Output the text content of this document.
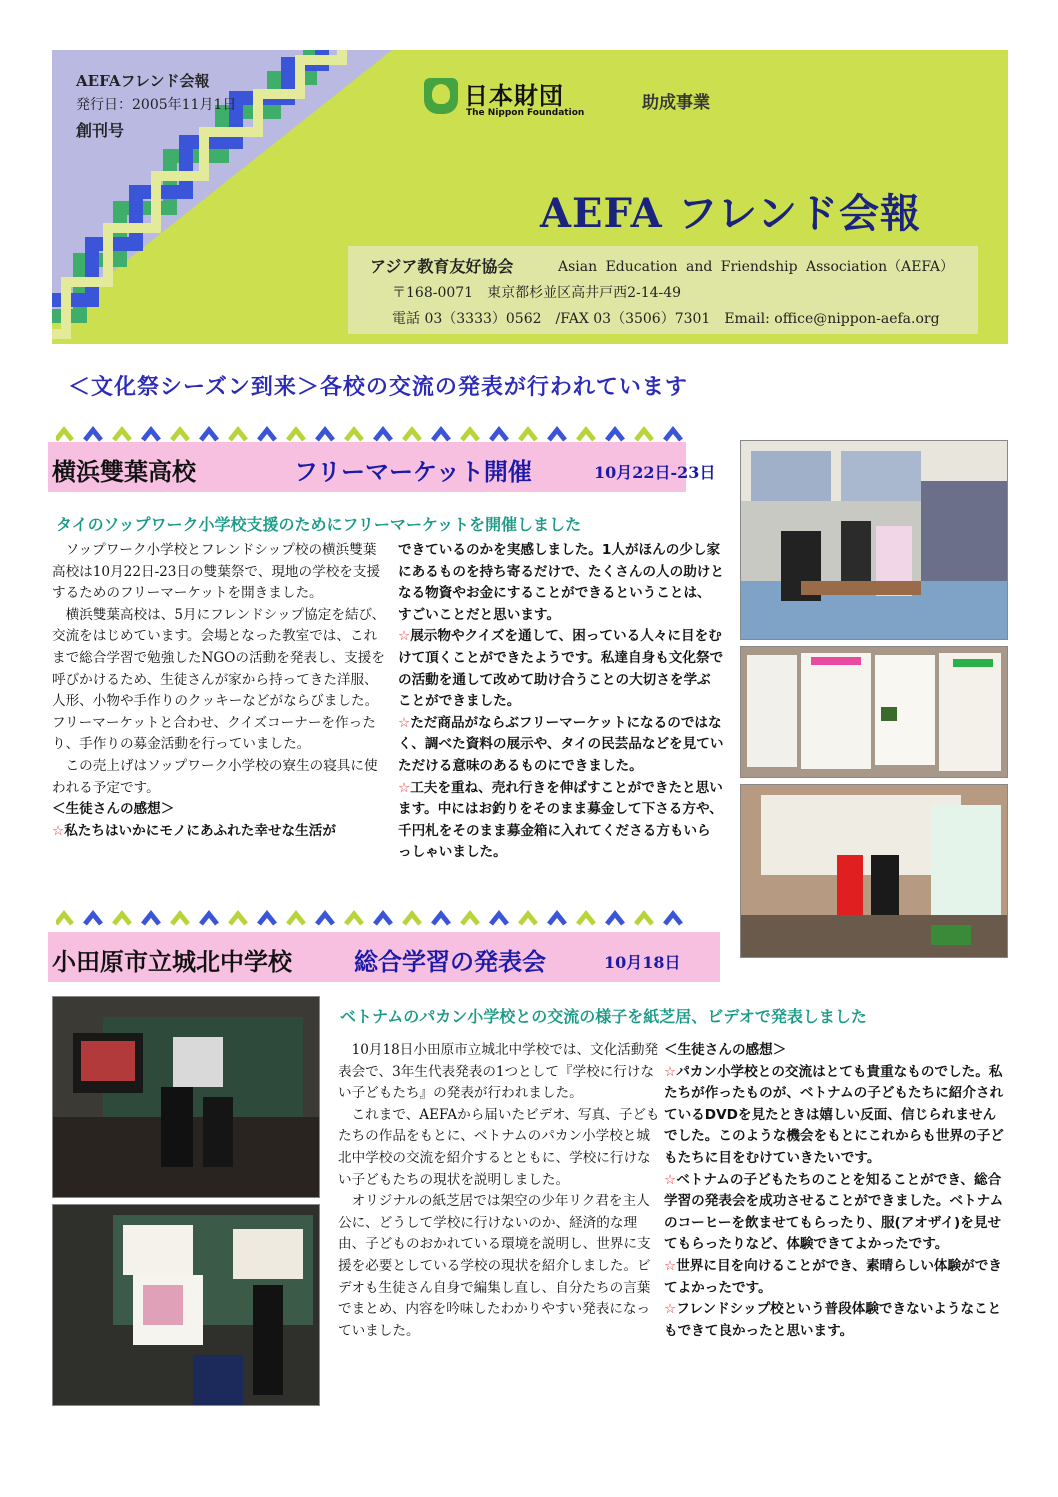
AEFAフレンド会報
発行日：2005年11月1日
創刊号
日本財団
The Nippon Foundation	助成事業
AEFA フレンド会報
アジア教育友好協会	Asian Education and Friendship Association（AEFA）
〒168-0071　東京都杉並区高井戸西2-14-49
電話 03（3333）0562　/FAX 03（3506）7301　Email: office@nippon-aefa.org
＜文化祭シーズン到来＞各校の交流の発表が行われています
横浜雙葉高校	フリーマーケット開催	10月22日-23日
タイのソップワーク小学校支援のためにフリーマーケットを開催しました

ソップワーク小学校とフレンドシップ校の横浜雙葉高校は10月22日-23日の雙葉祭で、現地の学校を支援するためのフリーマーケットを開きました。

横浜雙葉高校は、5月にフレンドシップ協定を結び、交流をはじめています。会場となった教室では、これまで総合学習で勉強したNGOの活動を発表し、支援を呼びかけるため、生徒さんが家から持ってきた洋服、人形、小物や手作りのクッキーなどがならびました。フリーマーケットと合わせ、クイズコーナーを作ったり、手作りの募金活動を行っていました。

この売上げはソップワーク小学校の寮生の寝具に使われる予定です。

＜生徒さんの感想＞
☆私たちはいかにモノにあふれた幸せな生活が

できているのかを実感しました。1人がほんの少し家にあるものを持ち寄るだけで、たくさんの人の助けとなる物資やお金にすることができるということは、すごいことだと思います。

☆展示物やクイズを通して、困っている人々に目をむけて頂くことができたようです。私達自身も文化祭での活動を通して改めて助け合うことの大切さを学ぶことができました。

☆ただ商品がならぶフリーマーケットになるのではなく、調べた資料の展示や、タイの民芸品などを見ていただける意味のあるものにできました。

☆工夫を重ね、売れ行きを伸ばすことができたと思います。中にはお釣りをそのまま募金して下さる方や、千円札をそのまま募金箱に入れてくださる方もいらっしゃいました。

小田原市立城北中学校	総合学習の発表会	10月18日
ベトナムのパカン小学校との交流の様子を紙芝居、ビデオで発表しました

10月18日小田原市立城北中学校では、文化活動発表会で、3年生代表発表の1つとして『学校に行けない子どもたち』の発表が行われました。

これまで、AEFAから届いたビデオ、写真、子どもたちの作品をもとに、ベトナムのパカン小学校と城北中学校の交流を紹介するとともに、学校に行けない子どもたちの現状を説明しました。

オリジナルの紙芝居では架空の少年リク君を主人公に、どうして学校に行けないのか、経済的な理由、子どものおかれている環境を説明し、世界に支援を必要としている学校の現状を紹介しました。ビデオも生徒さん自身で編集し直し、自分たちの言葉でまとめ、内容を吟味したわかりやすい発表になっていました。

＜生徒さんの感想＞

☆パカン小学校との交流はとても貴重なものでした。私たちが作ったものが、ベトナムの子どもたちに紹介されているDVDを見たときは嬉しい反面、信じられませんでした。このような機会をもとにこれからも世界の子どもたちに目をむけていきたいです。

☆ベトナムの子どもたちのことを知ることができ、総合学習の発表会を成功させることができました。ベトナムのコーヒーを飲ませてもらったり、服(アオザイ)を見せてもらったりなど、体験できてよかったです。

☆世界に目を向けることができ、素晴らしい体験ができてよかったです。

☆フレンドシップ校という普段体験できないようなこともできて良かったと思います。
